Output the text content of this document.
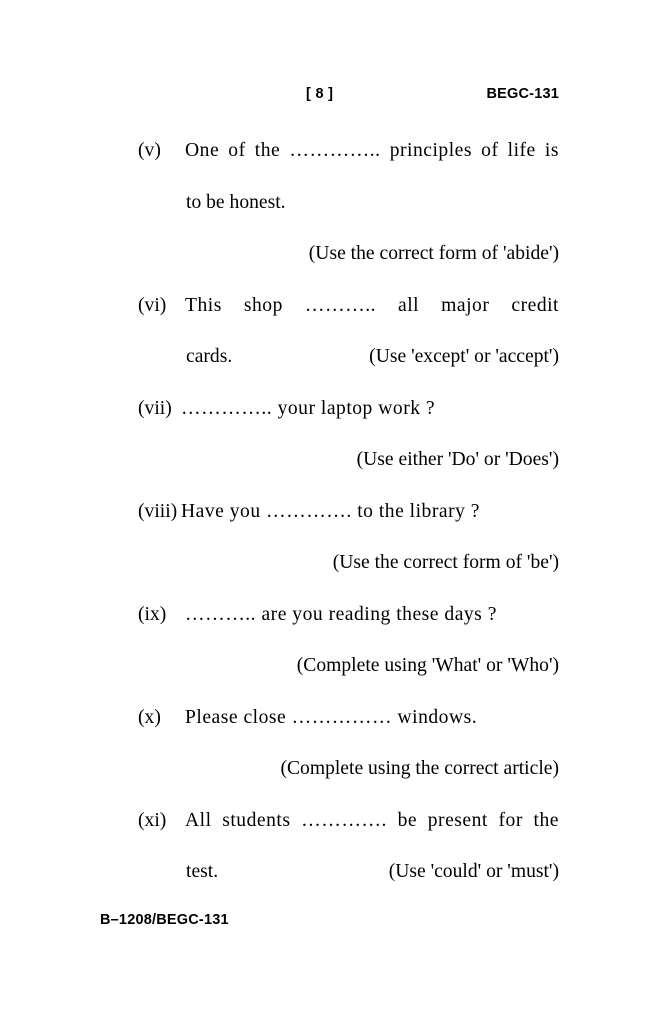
[ 8 ]	BEGC-131
(v) One of the ………….. principles of life is
to be honest.
(Use the correct form of 'abide')
(vi) This shop ……….. all major credit
cards.	(Use 'except' or 'accept')
(vii) ………….. your laptop work ?
(Use either 'Do' or 'Does')
(viii) Have you …………. to the library ?
(Use the correct form of 'be')
(ix) ……….. are you reading these days ?
(Complete using 'What' or 'Who')
(x) Please close …………… windows.
(Complete using the correct article)
(xi) All students …………. be present for the
test.	(Use 'could' or 'must')
B–1208/BEGC-131
